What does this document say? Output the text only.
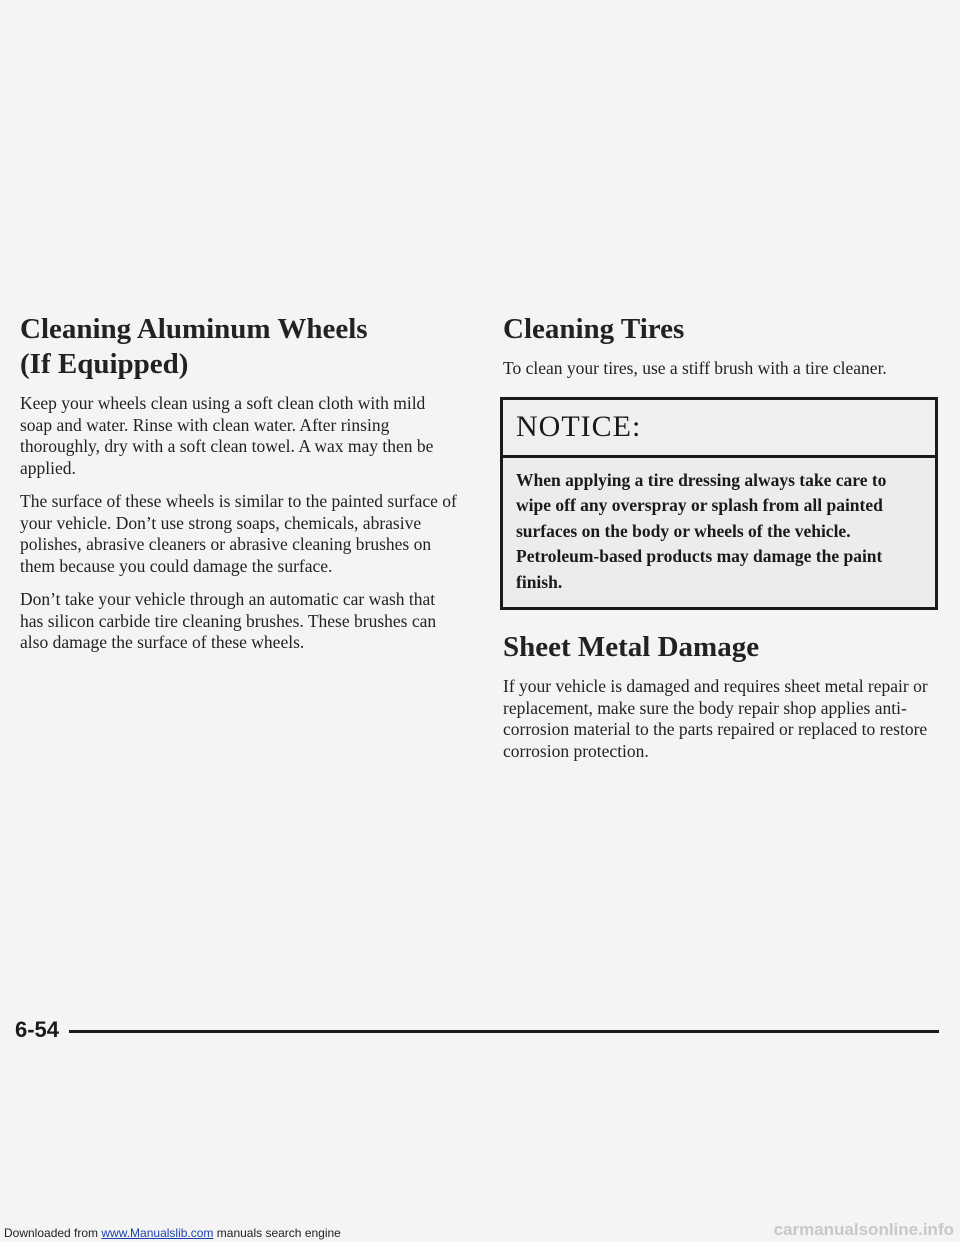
Cleaning Aluminum Wheels
(If Equipped)

Keep your wheels clean using a soft clean cloth with mild soap and water. Rinse with clean water. After rinsing thoroughly, dry with a soft clean towel. A wax may then be applied.

The surface of these wheels is similar to the painted surface of your vehicle. Don’t use strong soaps, chemicals, abrasive polishes, abrasive cleaners or abrasive cleaning brushes on them because you could damage the surface.

Don’t take your vehicle through an automatic car wash that has silicon carbide tire cleaning brushes. These brushes can also damage the surface of these wheels.

Cleaning Tires

To clean your tires, use a stiff brush with a tire cleaner.

NOTICE:
When applying a tire dressing always take care to wipe off any overspray or splash from all painted surfaces on the body or wheels of the vehicle. Petroleum-based products may damage the paint finish.
Sheet Metal Damage

If your vehicle is damaged and requires sheet metal repair or replacement, make sure the body repair shop applies anti-corrosion material to the parts repaired or replaced to restore corrosion protection.

6-54
Downloaded from www.Manualslib.com manuals search engine	carmanualsonline.info
